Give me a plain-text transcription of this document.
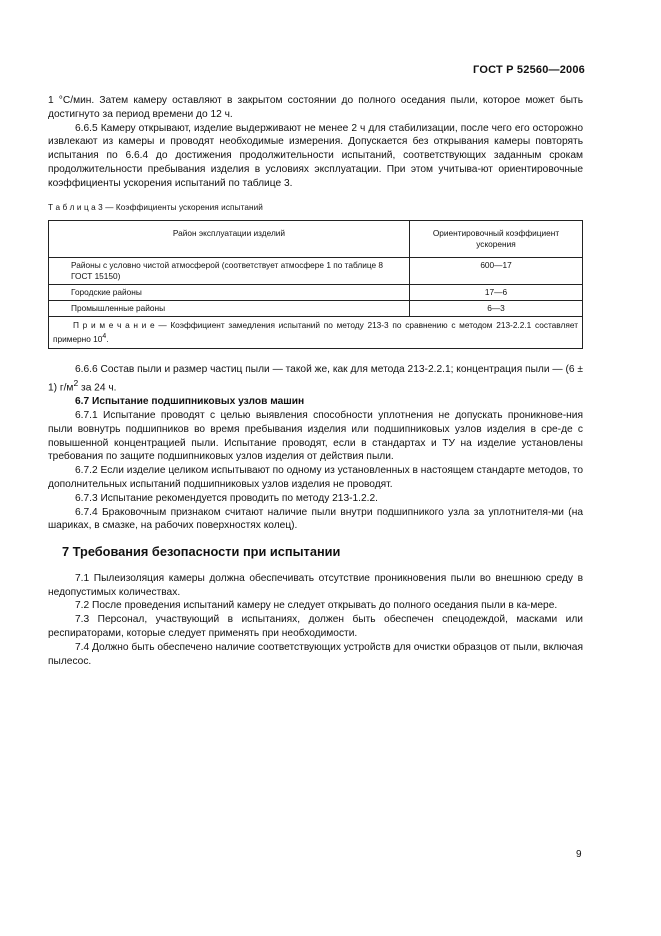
ГОСТ Р 52560—2006

1 °С/мин. Затем камеру оставляют в закрытом состоянии до полного оседания пыли, которое может быть достигнуто за период времени до 12 ч.

6.6.5 Камеру открывают, изделие выдерживают не менее 2 ч для стабилизации, после чего его осторожно извлекают из камеры и проводят необходимые измерения. Допускается без открывания камеры повторять испытания по 6.6.4 до достижения продолжительности испытаний, соответствующих заданным срокам продолжительности пребывания изделия в условиях эксплуатации. При этом учитыва-ют ориентировочные коэффициенты ускорения испытаний по таблице 3.

Т а б л и ц а 3 — Коэффициенты ускорения испытаний
Район эксплуатации изделий	Ориентировочный коэффициент ускорения
Районы с условно чистой атмосферой (соответствует атмосфере 1 по таблице 8 ГОСТ 15150)	600—17
Городские районы	17—6
Промышленные районы	6—3
П р и м е ч а н и е — Коэффициент замедления испытаний по методу 213-3 по сравнению с методом 213-2.2.1 составляет примерно $10^4$.	

6.6.6 Состав пыли и размер частиц пыли — такой же, как для метода 213-2.2.1; концентрация пыли — (6 ± 1) $г/м^2$ за 24 ч.

6.7 Испытание подшипниковых узлов машин

6.7.1 Испытание проводят с целью выявления способности уплотнения не допускать проникнове-ния пыли вовнутрь подшипников во время пребывания изделия или подшипниковых узлов изделия в сре-де с повышенной концентрацией пыли. Испытание проводят, если в стандартах и ТУ на изделие установлены требования по защите подшипниковых узлов изделия от действия пыли.

6.7.2 Если изделие целиком испытывают по одному из установленных в настоящем стандарте методов, то дополнительных испытаний подшипниковых узлов изделия не проводят.

6.7.3 Испытание рекомендуется проводить по методу 213-1.2.2.

6.7.4 Браковочным признаком считают наличие пыли внутри подшипникого узла за уплотнителя-ми (на шариках, в смазке, на рабочих поверхностях колец).

7 Требования безопасности при испытании

7.1 Пылеизоляция камеры должна обеспечивать отсутствие проникновения пыли во внешнюю среду в недопустимых количествах.

7.2 После проведения испытаний камеру не следует открывать до полного оседания пыли в ка-мере.

7.3 Персонал, участвующий в испытаниях, должен быть обеспечен спецодеждой, масками или респираторами, которые следует применять при необходимости.

7.4 Должно быть обеспечено наличие соответствующих устройств для очистки образцов от пыли, включая пылесос.

9
